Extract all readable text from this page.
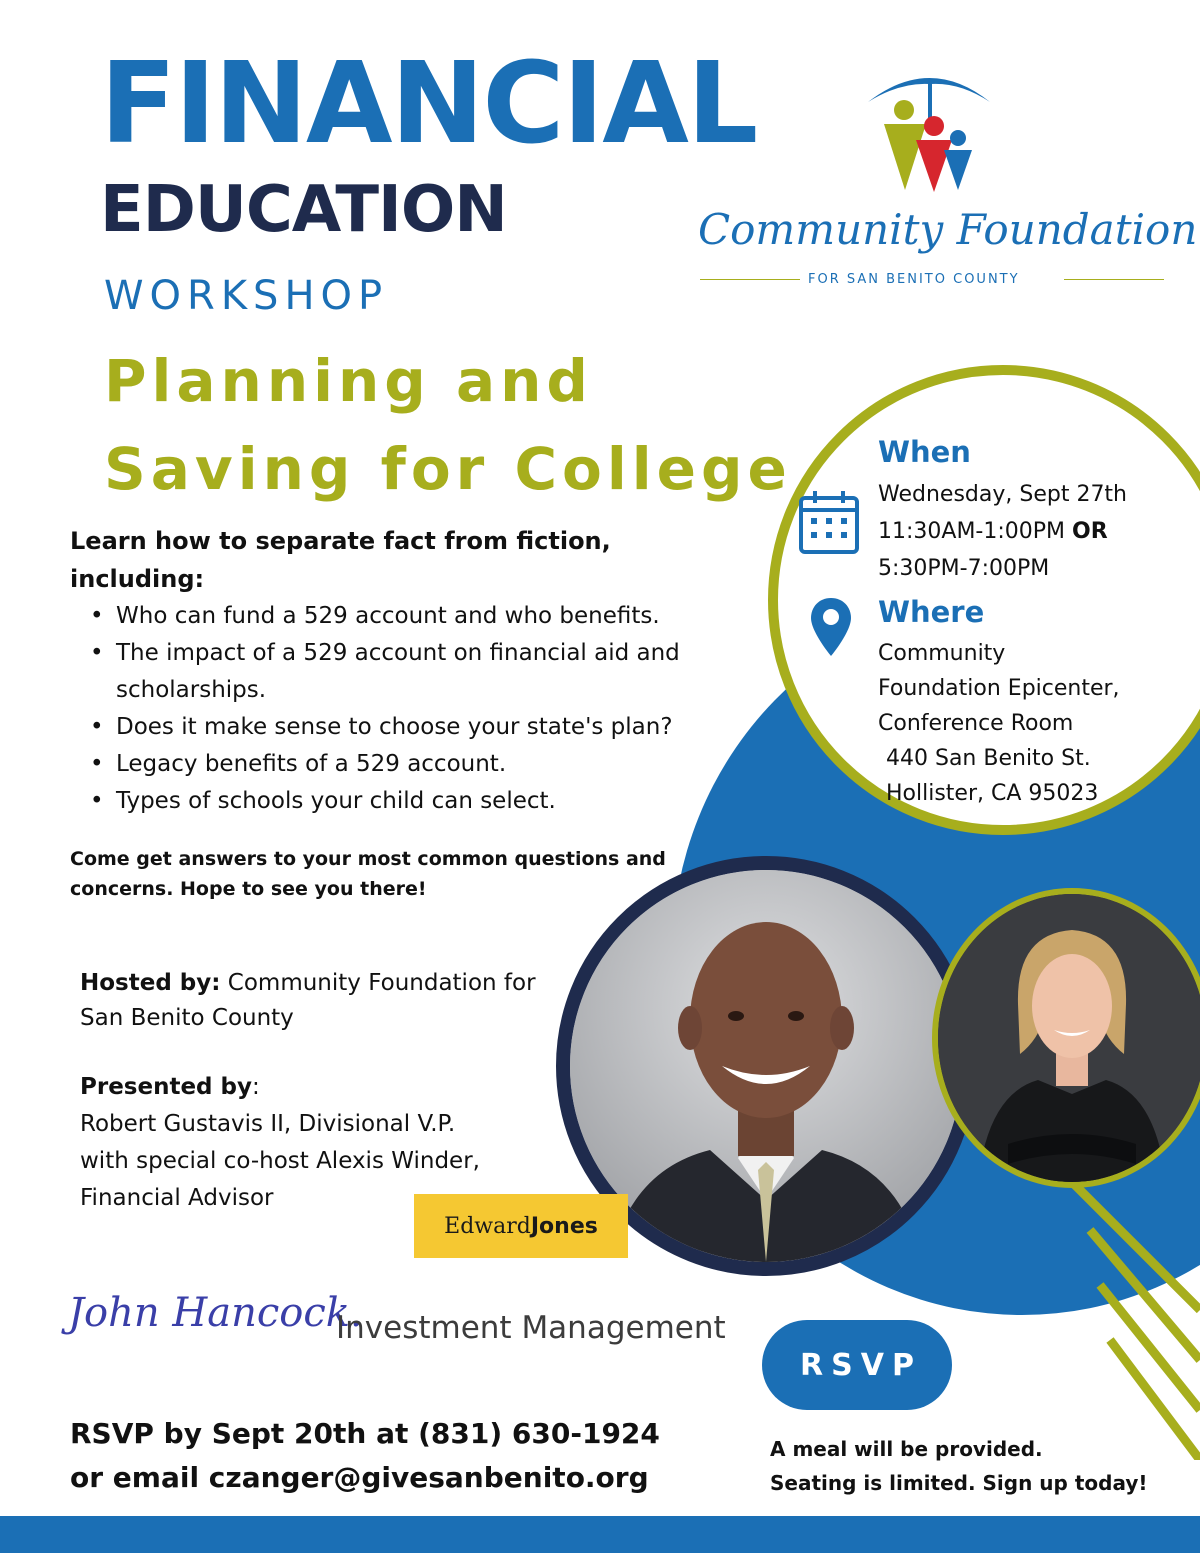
FINANCIAL
EDUCATION
WORKSHOP
Planning and
Saving for College
Community Foundation
FOR SAN BENITO COUNTY
Learn how to separate fact from fiction, including:
• Who can fund a 529 account and who benefits.
• The impact of a 529 account on financial aid and scholarships.
• Does it make sense to choose your state's plan?
• Legacy benefits of a 529 account.
• Types of schools your child can select.
Come get answers to your most common questions and concerns. Hope to see you there!
When
Wednesday, Sept 27th
11:30AM-1:00PM OR
5:30PM-7:00PM
Where
Community
Foundation Epicenter,
Conference Room
440 San Benito St.
Hollister, CA 95023
Hosted by: Community Foundation for San Benito County
Presented by:
Robert Gustavis II, Divisional V.P. with special co-host Alexis Winder, Financial Advisor
Edward Jones
John Hancock.
Investment Management
RSVP
RSVP by Sept 20th at (831) 630-1924
or email czanger@givesanbenito.org
A meal will be provided.
Seating is limited. Sign up today!
